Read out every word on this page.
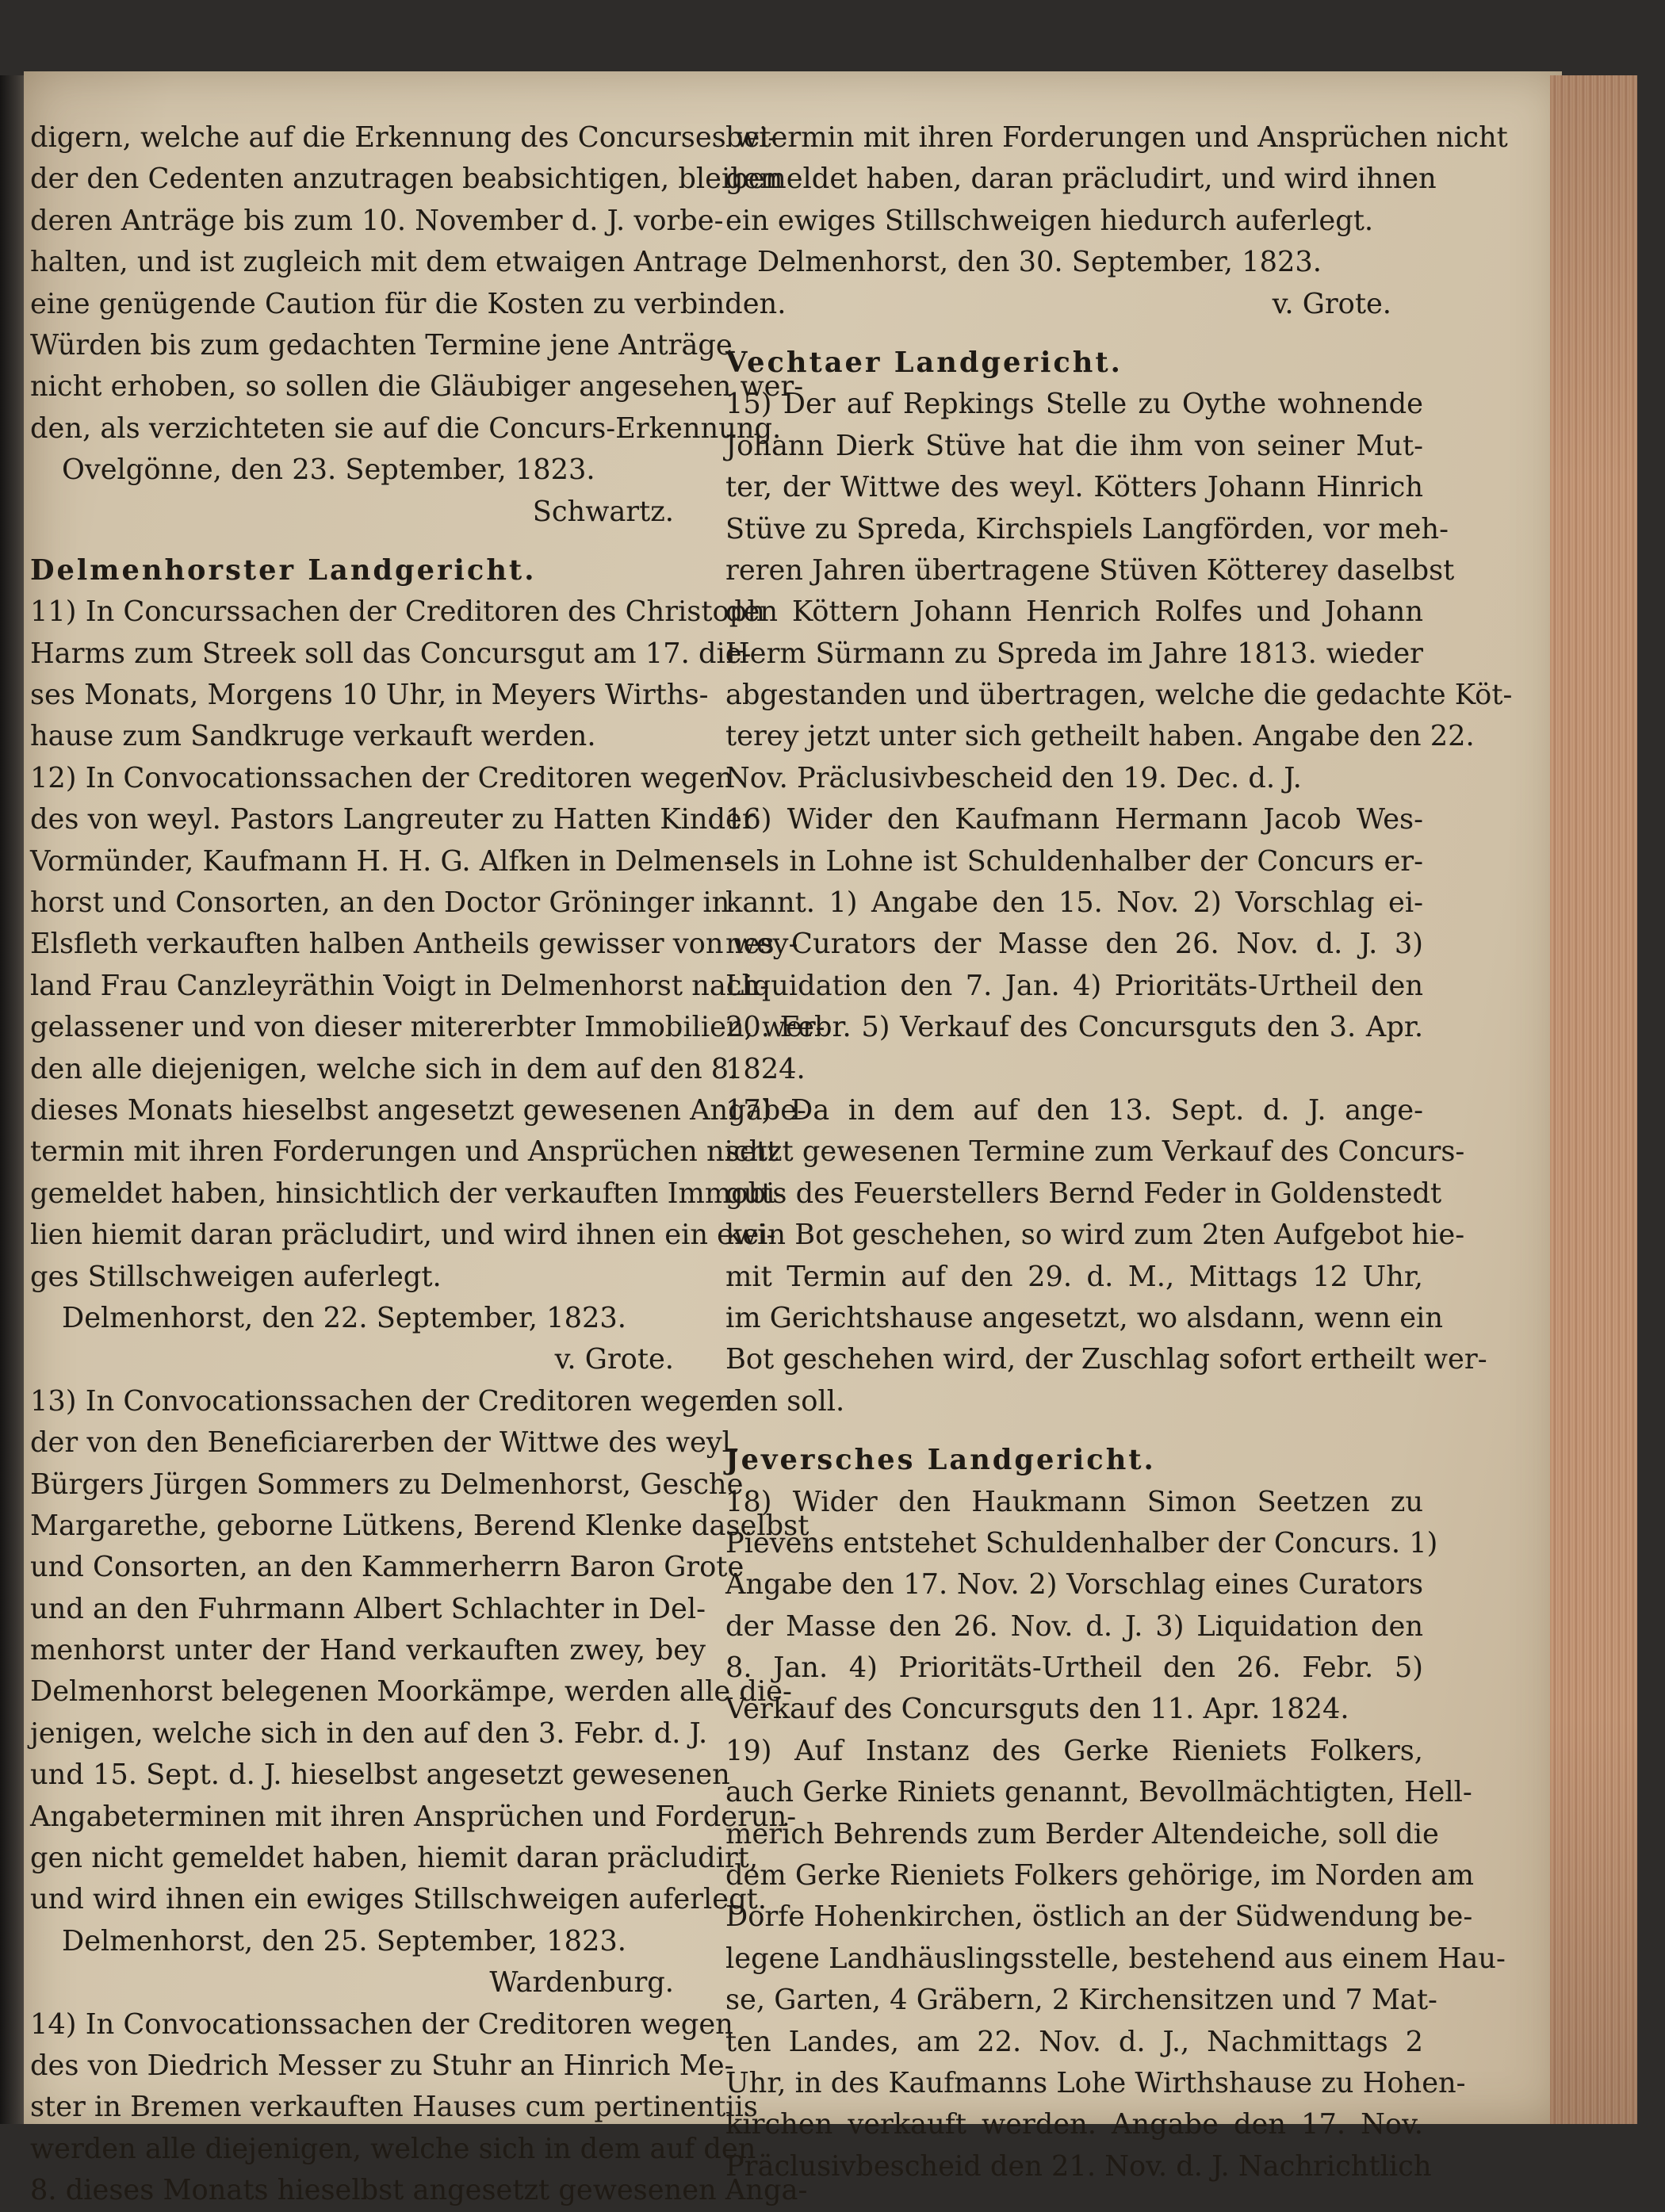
digern, welche auf die Erkennung des Concurses wi-
der den Cedenten anzutragen beabsichtigen, bleiben
deren Anträge bis zum 10. November d. J. vorbe-
halten, und ist zugleich mit dem etwaigen Antrage
eine genügende Caution für die Kosten zu verbinden.
Würden bis zum gedachten Termine jene Anträge
nicht erhoben, so sollen die Gläubiger angesehen wer-
den, als verzichteten sie auf die Concurs-Erkennung.
Ovelgönne, den 23. September, 1823.
Schwartz.
Delmenhorster Landgericht.
11) In Concurssachen der Creditoren des Christoph
Harms zum Streek soll das Concursgut am 17. die-
ses Monats, Morgens 10 Uhr, in Meyers Wirths-
hause zum Sandkruge verkauft werden.
12) In Convocationssachen der Creditoren wegen
des von weyl. Pastors Langreuter zu Hatten Kinder
Vormünder, Kaufmann H. H. G. Alfken in Delmen-
horst und Consorten, an den Doctor Gröninger in
Elsfleth verkauften halben Antheils gewisser von wey-
land Frau Canzleyräthin Voigt in Delmenhorst nach-
gelassener und von dieser mitererbter Immobilien, wer-
den alle diejenigen, welche sich in dem auf den 8.
dieses Monats hieselbst angesetzt gewesenen Angabe-
termin mit ihren Forderungen und Ansprüchen nicht
gemeldet haben, hinsichtlich der verkauften Immobi-
lien hiemit daran präcludirt, und wird ihnen ein ewi-
ges Stillschweigen auferlegt.
Delmenhorst, den 22. September, 1823.
v. Grote.
13) In Convocationssachen der Creditoren wegen
der von den Beneficiarerben der Wittwe des weyl.
Bürgers Jürgen Sommers zu Delmenhorst, Gesche
Margarethe, geborne Lütkens, Berend Klenke daselbst
und Consorten, an den Kammerherrn Baron Grote
und an den Fuhrmann Albert Schlachter in Del-
menhorst unter der Hand verkauften zwey, bey
Delmenhorst belegenen Moorkämpe, werden alle die-
jenigen, welche sich in den auf den 3. Febr. d. J.
und 15. Sept. d. J. hieselbst angesetzt gewesenen
Angabeterminen mit ihren Ansprüchen und Forderun-
gen nicht gemeldet haben, hiemit daran präcludirt,
und wird ihnen ein ewiges Stillschweigen auferlegt.
Delmenhorst, den 25. September, 1823.
Wardenburg.
14) In Convocationssachen der Creditoren wegen
des von Diedrich Messer zu Stuhr an Hinrich Me-
ster in Bremen verkauften Hauses cum pertinentiis
werden alle diejenigen, welche sich in dem auf den
8. dieses Monats hieselbst angesetzt gewesenen Anga-
betermin mit ihren Forderungen und Ansprüchen nicht
gemeldet haben, daran präcludirt, und wird ihnen
ein ewiges Stillschweigen hiedurch auferlegt.
Delmenhorst, den 30. September, 1823.
v. Grote.
Vechtaer Landgericht.
15) Der auf Repkings Stelle zu Oythe wohnende
Johann Dierk Stüve hat die ihm von seiner Mut-
ter, der Wittwe des weyl. Kötters Johann Hinrich
Stüve zu Spreda, Kirchspiels Langförden, vor meh-
reren Jahren übertragene Stüven Kötterey daselbst
den Köttern Johann Henrich Rolfes und Johann
Herm Sürmann zu Spreda im Jahre 1813. wieder
abgestanden und übertragen, welche die gedachte Köt-
terey jetzt unter sich getheilt haben. Angabe den 22.
Nov. Präclusivbescheid den 19. Dec. d. J.
16) Wider den Kaufmann Hermann Jacob Wes-
sels in Lohne ist Schuldenhalber der Concurs er-
kannt. 1) Angabe den 15. Nov. 2) Vorschlag ei-
nes Curators der Masse den 26. Nov. d. J. 3)
Liquidation den 7. Jan. 4) Prioritäts-Urtheil den
20. Febr. 5) Verkauf des Concursguts den 3. Apr.
1824.
17) Da in dem auf den 13. Sept. d. J. ange-
setzt gewesenen Termine zum Verkauf des Concurs-
guts des Feuerstellers Bernd Feder in Goldenstedt
kein Bot geschehen, so wird zum 2ten Aufgebot hie-
mit Termin auf den 29. d. M., Mittags 12 Uhr,
im Gerichtshause angesetzt, wo alsdann, wenn ein
Bot geschehen wird, der Zuschlag sofort ertheilt wer-
den soll.
Jeversches Landgericht.
18) Wider den Haukmann Simon Seetzen zu
Pievens entstehet Schuldenhalber der Concurs. 1)
Angabe den 17. Nov. 2) Vorschlag eines Curators
der Masse den 26. Nov. d. J. 3) Liquidation den
8. Jan. 4) Prioritäts-Urtheil den 26. Febr. 5)
Verkauf des Concursguts den 11. Apr. 1824.
19) Auf Instanz des Gerke Rieniets Folkers,
auch Gerke Riniets genannt, Bevollmächtigten, Hell-
merich Behrends zum Berder Altendeiche, soll die
dem Gerke Rieniets Folkers gehörige, im Norden am
Dorfe Hohenkirchen, östlich an der Südwendung be-
legene Landhäuslingsstelle, bestehend aus einem Hau-
se, Garten, 4 Gräbern, 2 Kirchensitzen und 7 Mat-
ten Landes, am 22. Nov. d. J., Nachmittags 2
Uhr, in des Kaufmanns Lohe Wirthshause zu Hohen-
kirchen verkauft werden. Angabe den 17. Nov.
Präclusivbescheid den 21. Nov. d. J. Nachrichtlich
